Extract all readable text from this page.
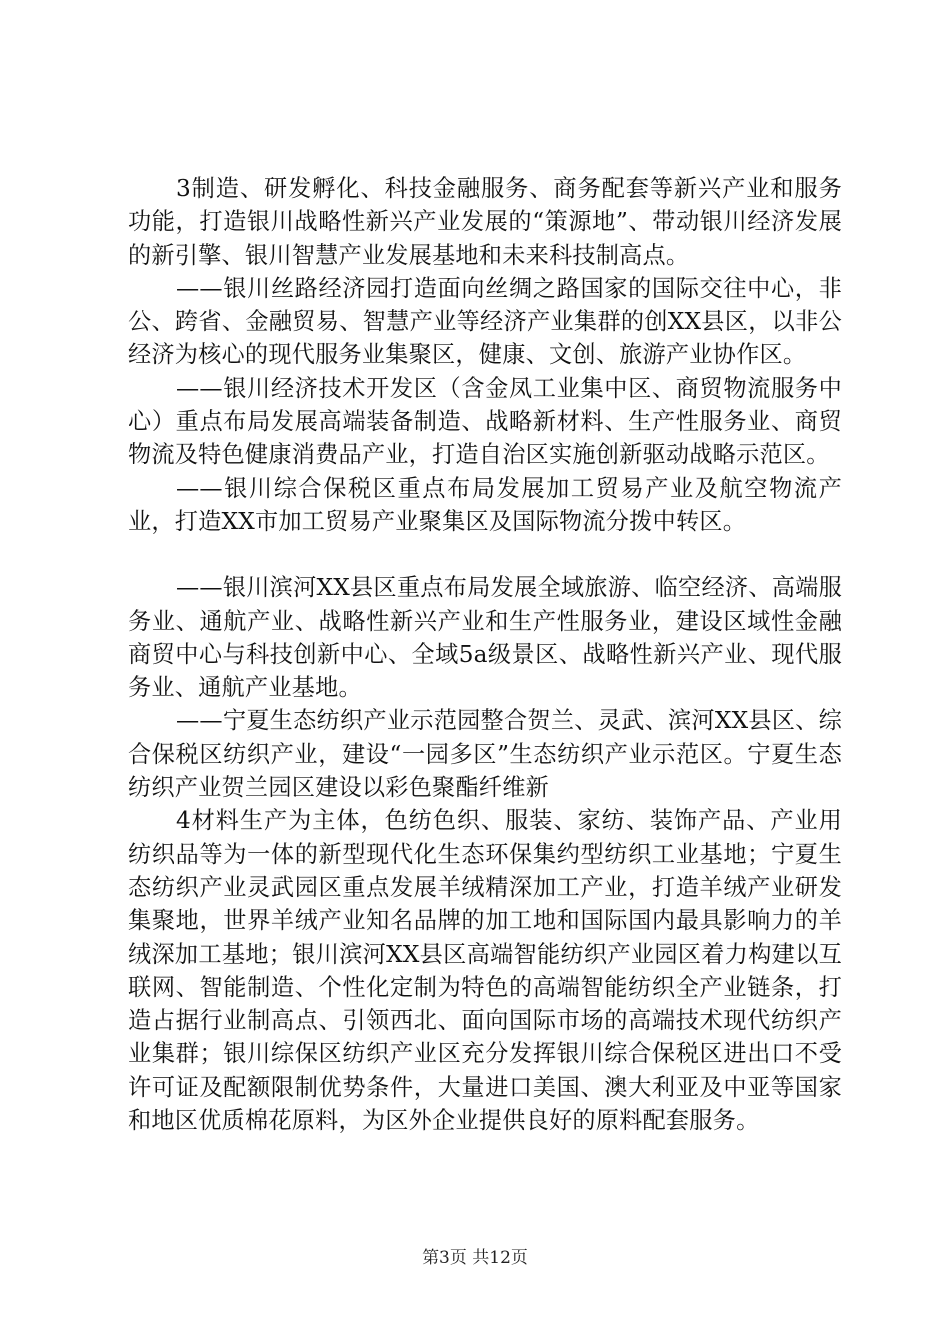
3制造、研发孵化、科技金融服务、商务配套等新兴产业和服务功能，打造银川战略性新兴产业发展的“策源地”、带动银川经济发展的新引擎、银川智慧产业发展基地和未来科技制高点。

——银川丝路经济园打造面向丝绸之路国家的国际交往中心，非公、跨省、金融贸易、智慧产业等经济产业集群的创XX县区，以非公经济为核心的现代服务业集聚区，健康、文创、旅游产业协作区。

——银川经济技术开发区（含金凤工业集中区、商贸物流服务中心）重点布局发展高端装备制造、战略新材料、生产性服务业、商贸物流及特色健康消费品产业，打造自治区实施创新驱动战略示范区。

——银川综合保税区重点布局发展加工贸易产业及航空物流产业，打造XX市加工贸易产业聚集区及国际物流分拨中转区。

——银川滨河XX县区重点布局发展全域旅游、临空经济、高端服务业、通航产业、战略性新兴产业和生产性服务业，建设区域性金融商贸中心与科技创新中心、全域5a级景区、战略性新兴产业、现代服务业、通航产业基地。

——宁夏生态纺织产业示范园整合贺兰、灵武、滨河XX县区、综合保税区纺织产业，建设“一园多区”生态纺织产业示范区。宁夏生态纺织产业贺兰园区建设以彩色聚酯纤维新

4材料生产为主体，色纺色织、服装、家纺、装饰产品、产业用纺织品等为一体的新型现代化生态环保集约型纺织工业基地；宁夏生态纺织产业灵武园区重点发展羊绒精深加工产业，打造羊绒产业研发集聚地，世界羊绒产业知名品牌的加工地和国际国内最具影响力的羊绒深加工基地；银川滨河XX县区高端智能纺织产业园区着力构建以互联网、智能制造、个性化定制为特色的高端智能纺织全产业链条，打造占据行业制高点、引领西北、面向国际市场的高端技术现代纺织产业集群；银川综保区纺织产业区充分发挥银川综合保税区进出口不受许可证及配额限制优势条件，大量进口美国、澳大利亚及中亚等国家和地区优质棉花原料，为区外企业提供良好的原料配套服务。

第3页 共12页
